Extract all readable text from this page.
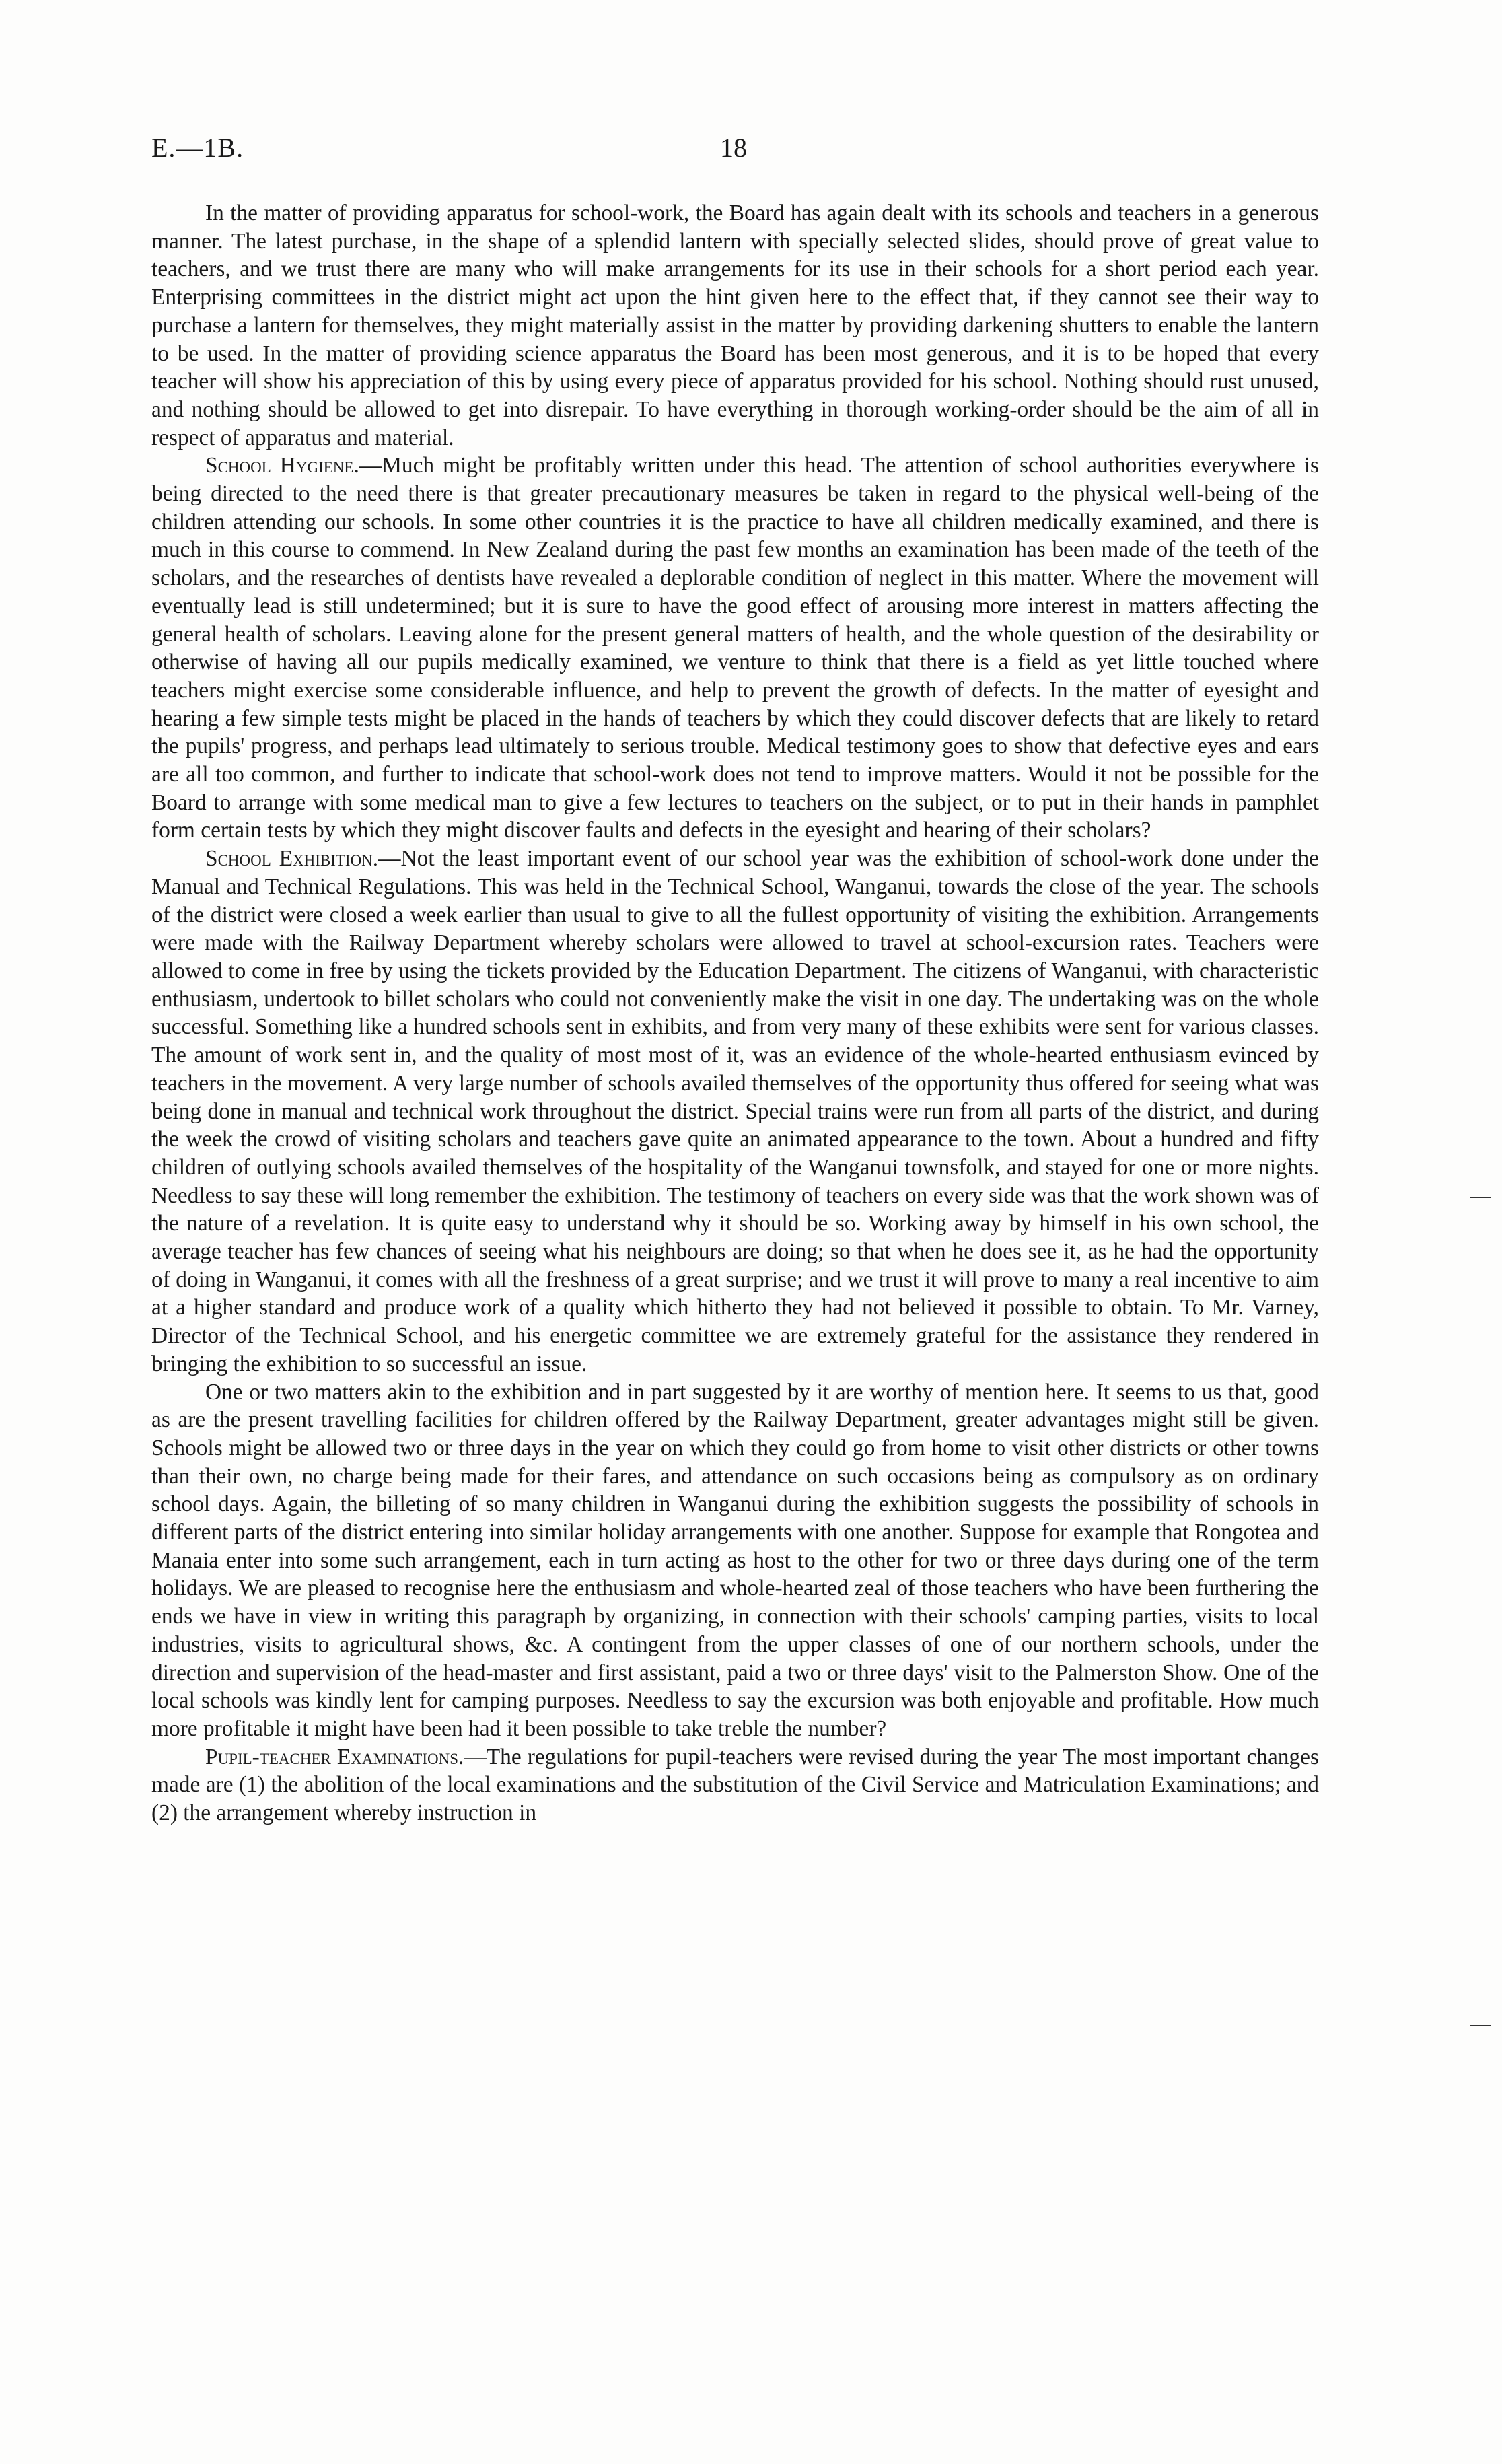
E.—1B.	18

In the matter of providing apparatus for school-work, the Board has again dealt with its schools and teachers in a generous manner. The latest purchase, in the shape of a splendid lantern with specially selected slides, should prove of great value to teachers, and we trust there are many who will make arrangements for its use in their schools for a short period each year. Enterprising committees in the district might act upon the hint given here to the effect that, if they cannot see their way to purchase a lantern for themselves, they might materially assist in the matter by providing darkening shutters to enable the lantern to be used. In the matter of providing science apparatus the Board has been most generous, and it is to be hoped that every teacher will show his appreciation of this by using every piece of apparatus provided for his school. Nothing should rust unused, and nothing should be allowed to get into disrepair. To have everything in thorough working-order should be the aim of all in respect of apparatus and material.

School Hygiene.—Much might be profitably written under this head. The attention of school authorities everywhere is being directed to the need there is that greater precautionary measures be taken in regard to the physical well-being of the children attending our schools. In some other countries it is the practice to have all children medically examined, and there is much in this course to commend. In New Zealand during the past few months an examination has been made of the teeth of the scholars, and the researches of dentists have revealed a deplorable condition of neglect in this matter. Where the movement will eventually lead is still undetermined; but it is sure to have the good effect of arousing more interest in matters affecting the general health of scholars. Leaving alone for the present general matters of health, and the whole question of the desirability or otherwise of having all our pupils medically examined, we venture to think that there is a field as yet little touched where teachers might exercise some considerable influence, and help to prevent the growth of defects. In the matter of eyesight and hearing a few simple tests might be placed in the hands of teachers by which they could discover defects that are likely to retard the pupils' progress, and perhaps lead ultimately to serious trouble. Medical testimony goes to show that defective eyes and ears are all too common, and further to indicate that school-work does not tend to improve matters. Would it not be possible for the Board to arrange with some medical man to give a few lectures to teachers on the subject, or to put in their hands in pamphlet form certain tests by which they might discover faults and defects in the eyesight and hearing of their scholars?

School Exhibition.—Not the least important event of our school year was the exhibition of school-work done under the Manual and Technical Regulations. This was held in the Technical School, Wanganui, towards the close of the year. The schools of the district were closed a week earlier than usual to give to all the fullest opportunity of visiting the exhibition. Arrangements were made with the Railway Department whereby scholars were allowed to travel at school-excursion rates. Teachers were allowed to come in free by using the tickets provided by the Education Department. The citizens of Wanganui, with characteristic enthusiasm, undertook to billet scholars who could not conveniently make the visit in one day. The undertaking was on the whole successful. Something like a hundred schools sent in exhibits, and from very many of these exhibits were sent for various classes. The amount of work sent in, and the quality of most most of it, was an evidence of the whole-hearted enthusiasm evinced by teachers in the movement. A very large number of schools availed themselves of the opportunity thus offered for seeing what was being done in manual and technical work throughout the district. Special trains were run from all parts of the district, and during the week the crowd of visiting scholars and teachers gave quite an animated appearance to the town. About a hundred and fifty children of outlying schools availed themselves of the hospitality of the Wanganui townsfolk, and stayed for one or more nights. Needless to say these will long remember the exhibition. The testimony of teachers on every side was that the work shown was of the nature of a revelation. It is quite easy to understand why it should be so. Working away by himself in his own school, the average teacher has few chances of seeing what his neighbours are doing; so that when he does see it, as he had the opportunity of doing in Wanganui, it comes with all the freshness of a great surprise; and we trust it will prove to many a real incentive to aim at a higher standard and produce work of a quality which hitherto they had not believed it possible to obtain. To Mr. Varney, Director of the Technical School, and his energetic committee we are extremely grateful for the assistance they rendered in bringing the exhibition to so successful an issue.

One or two matters akin to the exhibition and in part suggested by it are worthy of mention here. It seems to us that, good as are the present travelling facilities for children offered by the Railway Department, greater advantages might still be given. Schools might be allowed two or three days in the year on which they could go from home to visit other districts or other towns than their own, no charge being made for their fares, and attendance on such occasions being as compulsory as on ordinary school days. Again, the billeting of so many children in Wanganui during the exhibition suggests the possibility of schools in different parts of the district entering into similar holiday arrangements with one another. Suppose for example that Rongotea and Manaia enter into some such arrangement, each in turn acting as host to the other for two or three days during one of the term holidays. We are pleased to recognise here the enthusiasm and whole-hearted zeal of those teachers who have been furthering the ends we have in view in writing this paragraph by organizing, in connection with their schools' camping parties, visits to local industries, visits to agricultural shows, &c. A contingent from the upper classes of one of our northern schools, under the direction and supervision of the head-master and first assistant, paid a two or three days' visit to the Palmerston Show. One of the local schools was kindly lent for camping purposes. Needless to say the excursion was both enjoyable and profitable. How much more profitable it might have been had it been possible to take treble the number?

Pupil-teacher Examinations.—The regulations for pupil-teachers were revised during the year The most important changes made are (1) the abolition of the local examinations and the substitution of the Civil Service and Matriculation Examinations; and (2) the arrangement whereby instruction in

—
—
